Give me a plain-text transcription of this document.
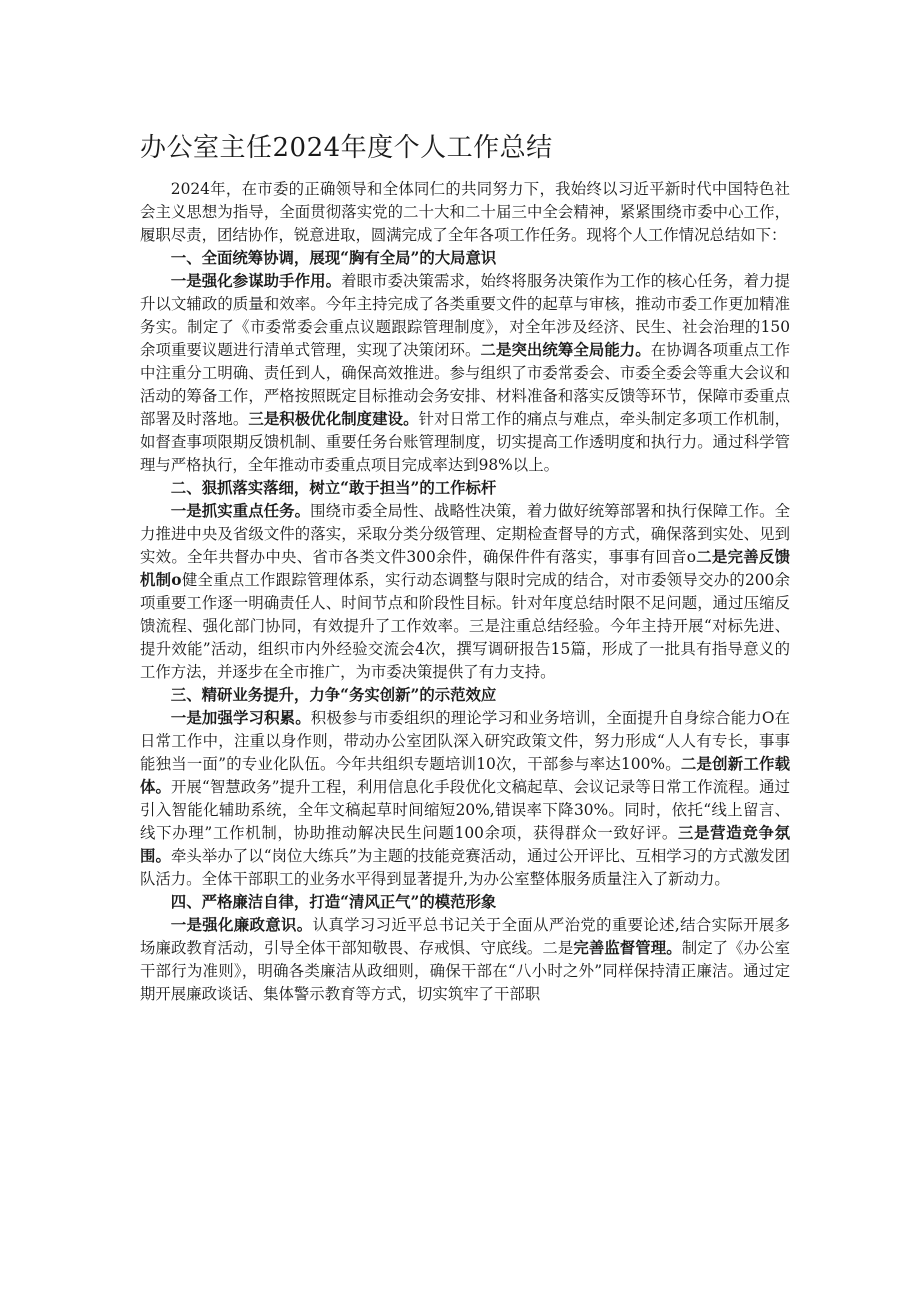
办公室主任2024年度个人工作总结

2024年，在市委的正确领导和全体同仁的共同努力下，我始终以习近平新时代中国特色社会主义思想为指导，全面贯彻落实党的二十大和二十届三中全会精神，紧紧围绕市委中心工作，履职尽责，团结协作，锐意进取，圆满完成了全年各项工作任务。现将个人工作情况总结如下：

一、全面统筹协调，展现“胸有全局”的大局意识

一是强化参谋助手作用。着眼市委决策需求，始终将服务决策作为工作的核心任务，着力提升以文辅政的质量和效率。今年主持完成了各类重要文件的起草与审核，推动市委工作更加精准务实。制定了《市委常委会重点议题跟踪管理制度》，对全年涉及经济、民生、社会治理的150余项重要议题进行清单式管理，实现了决策闭环。二是突出统筹全局能力。在协调各项重点工作中注重分工明确、责任到人，确保高效推进。参与组织了市委常委会、市委全委会等重大会议和活动的筹备工作，严格按照既定目标推动会务安排、材料准备和落实反馈等环节，保障市委重点部署及时落地。三是积极优化制度建设。针对日常工作的痛点与难点，牵头制定多项工作机制，如督查事项限期反馈机制、重要任务台账管理制度，切实提高工作透明度和执行力。通过科学管理与严格执行，全年推动市委重点项目完成率达到98%以上。

二、狠抓落实落细，树立“敢于担当”的工作标杆

一是抓实重点任务。围绕市委全局性、战略性决策，着力做好统筹部署和执行保障工作。全力推进中央及省级文件的落实，采取分类分级管理、定期检查督导的方式，确保落到实处、见到实效。全年共督办中央、省市各类文件300余件，确保件件有落实，事事有回音o二是完善反馈机制o健全重点工作跟踪管理体系，实行动态调整与限时完成的结合，对市委领导交办的200余项重要工作逐一明确责任人、时间节点和阶段性目标。针对年度总结时限不足问题，通过压缩反馈流程、强化部门协同，有效提升了工作效率。三是注重总结经验。今年主持开展“对标先进、提升效能”活动，组织市内外经验交流会4次，撰写调研报告15篇，形成了一批具有指导意义的工作方法，并逐步在全市推广，为市委决策提供了有力支持。

三、精研业务提升，力争“务实创新”的示范效应

一是加强学习积累。积极参与市委组织的理论学习和业务培训，全面提升自身综合能力O在日常工作中，注重以身作则，带动办公室团队深入研究政策文件，努力形成“人人有专长，事事能独当一面”的专业化队伍。今年共组织专题培训10次，干部参与率达100%。二是创新工作载体。开展“智慧政务”提升工程，利用信息化手段优化文稿起草、会议记录等日常工作流程。通过引入智能化辅助系统，全年文稿起草时间缩短20%,错误率下降30%。同时，依托“线上留言、线下办理”工作机制，协助推动解决民生问题100余项，获得群众一致好评。三是营造竞争氛围。牵头举办了以“岗位大练兵”为主题的技能竞赛活动，通过公开评比、互相学习的方式激发团队活力。全体干部职工的业务水平得到显著提升,为办公室整体服务质量注入了新动力。

四、严格廉洁自律，打造“清风正气”的模范形象

一是强化廉政意识。认真学习习近平总书记关于全面从严治党的重要论述,结合实际开展多场廉政教育活动，引导全体干部知敬畏、存戒惧、守底线。二是完善监督管理。制定了《办公室干部行为准则》，明确各类廉洁从政细则，确保干部在“八小时之外”同样保持清正廉洁。通过定期开展廉政谈话、集体警示教育等方式，切实筑牢了干部职
